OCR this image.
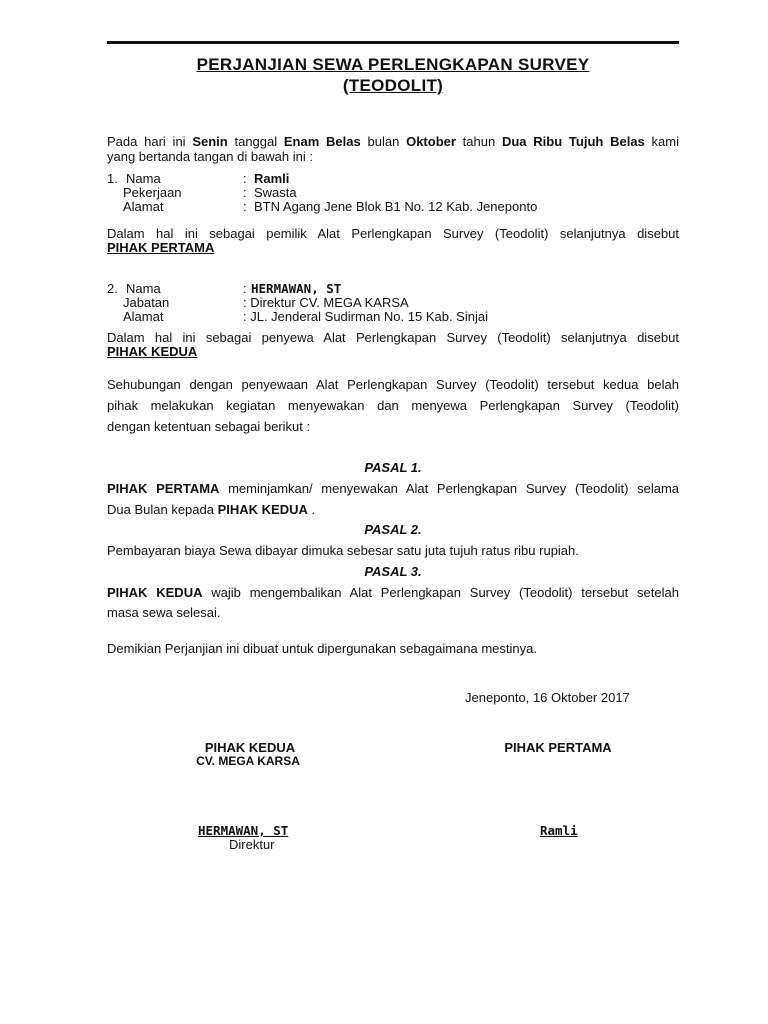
PERJANJIAN SEWA PERLENGKAPAN SURVEY
(TEODOLIT)
Pada hari ini Senin tanggal Enam Belas bulan Oktober tahun Dua Ribu Tujuh Belas kami
yang bertanda tangan di bawah ini :
1. Nama	: Ramli
Pekerjaan	: Swasta
Alamat	: BTN Agang Jene Blok B1 No. 12 Kab. Jeneponto
Dalam hal ini sebagai pemilik Alat Perlengkapan Survey (Teodolit) selanjutnya disebut
PIHAK PERTAMA
2. Nama	: HERMAWAN, ST
Jabatan	: Direktur CV. MEGA KARSA
Alamat	: JL. Jenderal Sudirman No. 15 Kab. Sinjai
Dalam hal ini sebagai penyewa Alat Perlengkapan Survey (Teodolit) selanjutnya disebut
PIHAK KEDUA
Sehubungan dengan penyewaan Alat Perlengkapan Survey (Teodolit) tersebut kedua belah
pihak melakukan kegiatan menyewakan dan menyewa Perlengkapan Survey (Teodolit)
dengan ketentuan sebagai berikut :
PASAL 1.
PIHAK PERTAMA meminjamkan/ menyewakan Alat Perlengkapan Survey (Teodolit) selama
Dua Bulan kepada PIHAK KEDUA .
PASAL 2.
Pembayaran biaya Sewa dibayar dimuka sebesar satu juta tujuh ratus ribu rupiah.
PASAL 3.
PIHAK KEDUA wajib mengembalikan Alat Perlengkapan Survey (Teodolit) tersebut setelah
masa sewa selesai.
Demikian Perjanjian ini dibuat untuk dipergunakan sebagaimana mestinya.
Jeneponto, 16 Oktober 2017
PIHAK KEDUA
CV. MEGA KARSA
PIHAK PERTAMA
HERMAWAN, ST
Direktur
Ramli
